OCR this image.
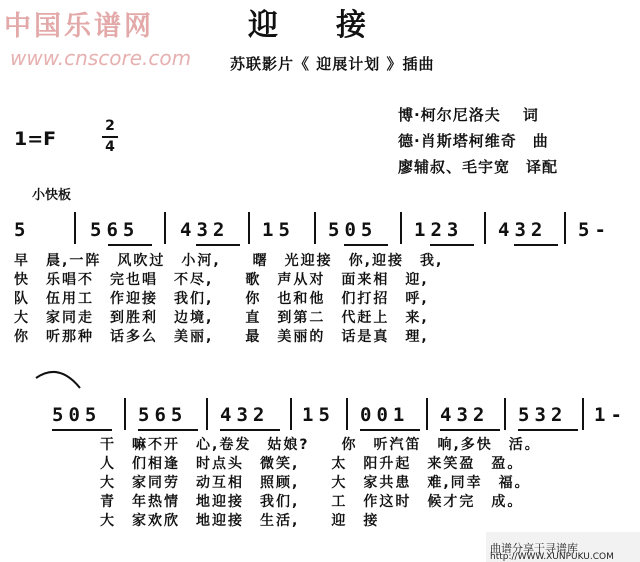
中国乐谱网
www.cnscore.com
迎接
苏联影片《 迎展计划 》插曲
博·柯尔尼洛夫　 词
德·肖斯塔柯维奇　曲
廖辅叔、毛宇宽　译配
1=F
2
4
小快板
5	565 432 15 505 123 432 5-
早　晨,一阵　风吹过　小河,　　曙　光迎接　你,迎接　我,
快　乐唱不　完也唱　不尽,　　歌　声从对　面来相　迎,
队　伍用工　作迎接　我们,　　你　也和他　们打招　呼,
大　家同走　到胜利　边境,　　直　到第二　代赶上　来,
你　听那种　话多么　美丽,　　最　美丽的　话是真　理,
505 565 432 15 001 432 532 1-
干　嘛不开　心,卷发　姑娘?　　你　听汽笛　响,多快　活。
人　们相逢　时点头　微笑,　　太　阳升起　来笑盈　盈。
大　家同劳　动互相　照顾,　　大　家共患　难,同幸　福。
青　年热情　地迎接　我们,　　工　作这时　候才完　成。
大　家欢欣　地迎接　生活,　　迎　接
曲谱分享于寻谱库
http://WWW.XUNPUKU.COM
